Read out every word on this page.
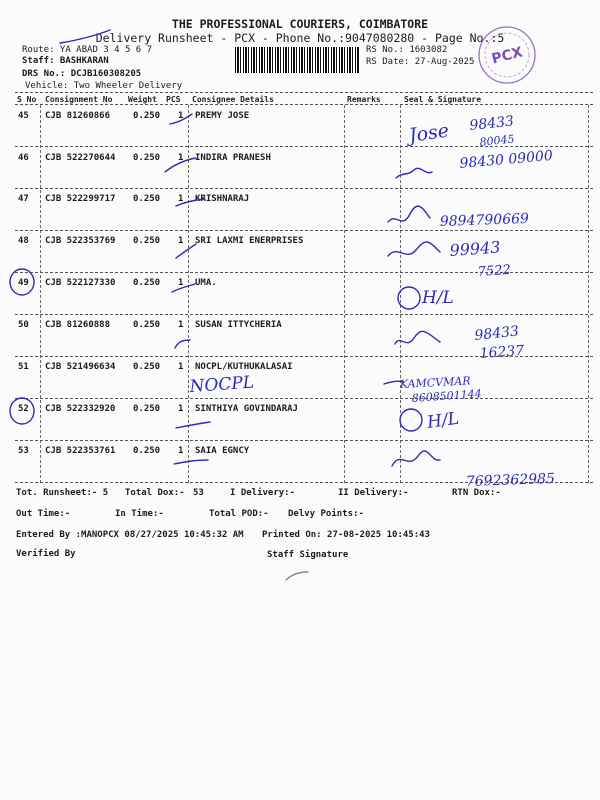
THE PROFESSIONAL COURIERS, COIMBATORE
Delivery Runsheet - PCX - Phone No.:9047080280 - Page No.:5
Route: YA ABAD 3 4 5 6 7
Staff: BASHKARAN
DRS No.: DCJB160308205
Vehicle: Two Wheeler Delivery
RS No.: 1603082
RS Date: 27-Aug-2025 PCX
S No Consignment No Weight PCS Consignee Details	Remarks	Seal & Signature
45 CJB 81260866	0.250 1 PREMY JOSE
46 CJB 522270644 0.250 1 INDIRA PRANESH
47 CJB 522299717 0.250 1 KRISHNARAJ
48 CJB 522353769 0.250 1 SRI LAXMI ENERPRISES
49 CJB 522127330 0.250 1 UMA.
50 CJB 81260888	0.250 1 SUSAN ITTYCHERIA
51 CJB 521496634 0.250 1 NOCPL/KUTHUKALASAI
52 CJB 522332920 0.250 1 SINTHIYA GOVINDARAJ
53 CJB 522353761 0.250 1 SAIA EGNCY
Tot. Runsheet:- 5 Total Dox:- 53	I Delivery:-	II Delivery:-	RTN Dox:-
Out Time:-	In Time:-	Total POD:- Delvy Points:-
Entered By :MANOPCX 08/27/2025 10:45:32 AM Printed On: 27-08-2025 10:45:43
Verified By	Staff Signature
Jose 98433
80045
98430 09000
9894790669
99943
7522
H/L
98433
16237
NOCPL	KAMCVMAR
8608501144
H/L
7692362985
